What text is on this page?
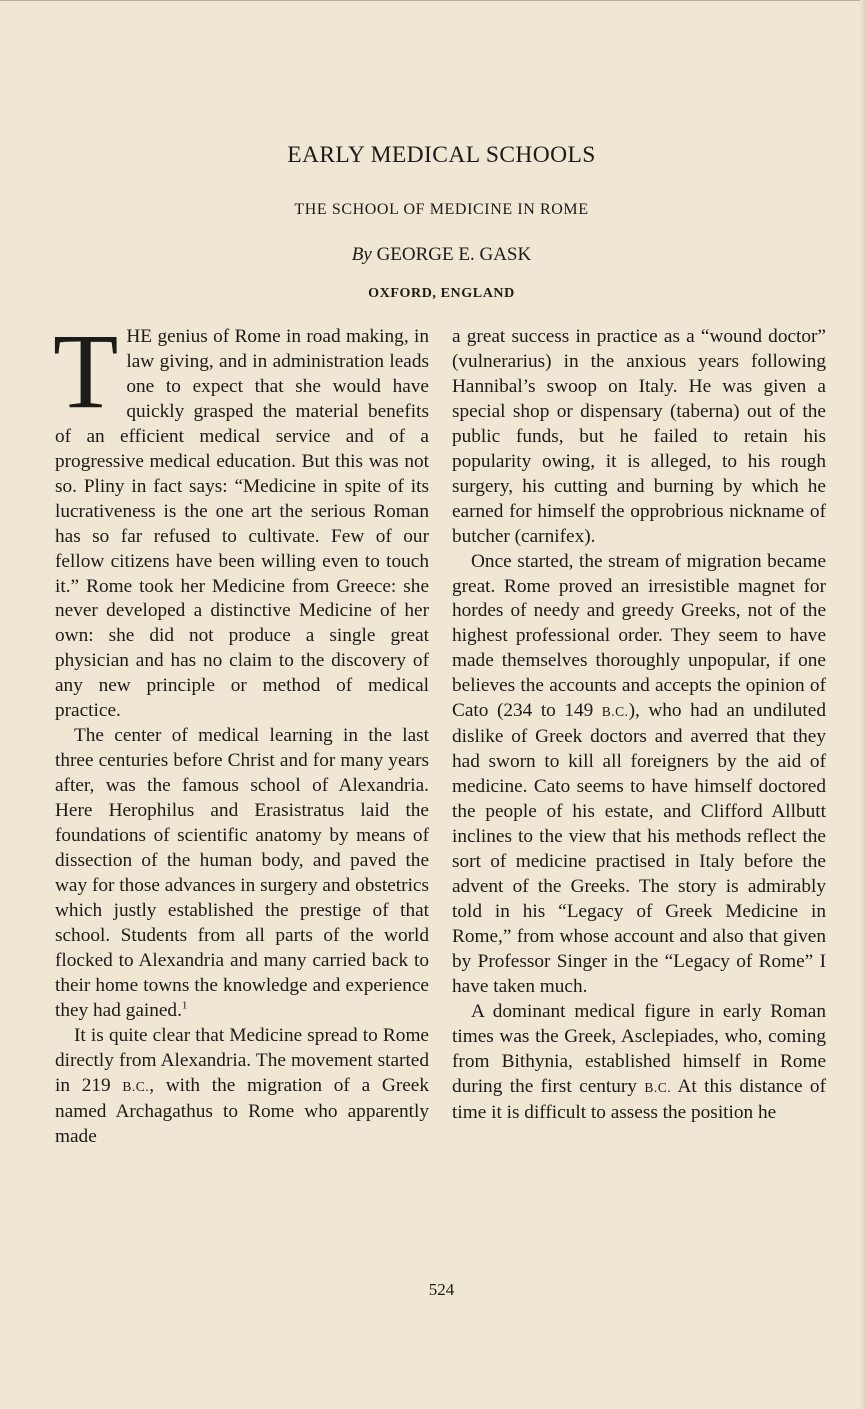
EARLY MEDICAL SCHOOLS
THE SCHOOL OF MEDICINE IN ROME
By GEORGE E. GASK
OXFORD, ENGLAND

THE genius of Rome in road making, in law giving, and in administration leads one to expect that she would have quickly grasped the material benefits of an efficient medical service and of a progressive medical education. But this was not so. Pliny in fact says: “Medicine in spite of its lucrativeness is the one art the serious Roman has so far refused to cultivate. Few of our fellow citizens have been willing even to touch it.” Rome took her Medicine from Greece: she never developed a distinctive Medicine of her own: she did not produce a single great physician and has no claim to the discovery of any new principle or method of medical practice.

The center of medical learning in the last three centuries before Christ and for many years after, was the famous school of Alexandria. Here Herophilus and Erasistratus laid the foundations of scientific anatomy by means of dissection of the human body, and paved the way for those advances in surgery and obstetrics which justly established the prestige of that school. Students from all parts of the world flocked to Alexandria and many carried back to their home towns the knowledge and experience they had gained.$^1$

It is quite clear that Medicine spread to Rome directly from Alexandria. The movement started in 219 B.C., with the migration of a Greek named Archagathus to Rome who apparently made

a great success in practice as a “wound doctor” (vulnerarius) in the anxious years following Hannibal’s swoop on Italy. He was given a special shop or dispensary (taberna) out of the public funds, but he failed to retain his popularity owing, it is alleged, to his rough surgery, his cutting and burning by which he earned for himself the opprobrious nickname of butcher (carnifex).

Once started, the stream of migration became great. Rome proved an irresistible magnet for hordes of needy and greedy Greeks, not of the highest professional order. They seem to have made themselves thoroughly unpopular, if one believes the accounts and accepts the opinion of Cato (234 to 149 B.C.), who had an undiluted dislike of Greek doctors and averred that they had sworn to kill all foreigners by the aid of medicine. Cato seems to have himself doctored the people of his estate, and Clifford Allbutt inclines to the view that his methods reflect the sort of medicine practised in Italy before the advent of the Greeks. The story is admirably told in his “Legacy of Greek Medicine in Rome,” from whose account and also that given by Professor Singer in the “Legacy of Rome” I have taken much.

A dominant medical figure in early Roman times was the Greek, Asclepiades, who, coming from Bithynia, established himself in Rome during the first century B.C. At this distance of time it is difficult to assess the position he

524
